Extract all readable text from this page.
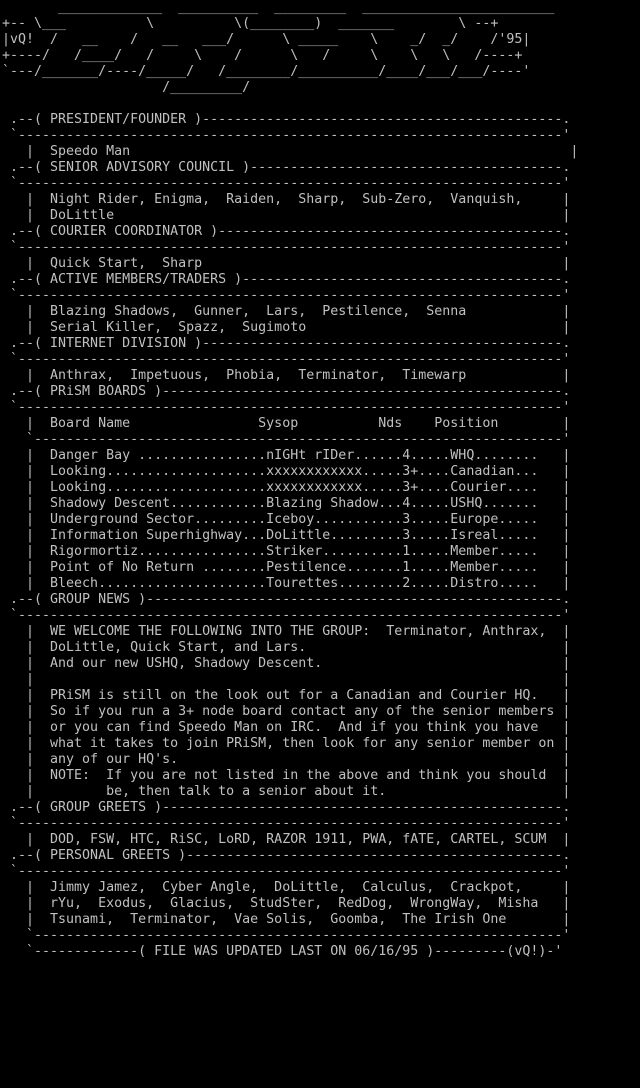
_____________  __________  _________  ________________________
+-- \___          \          \(________)  _______        \ --+
|vQ!  /   __    /   __   ___/      \ _____    \    _/  _/    /'95|
+----/   /____/   /     \    /      \   /     \    \   \   /----+
`---/_______/----/_____/   /________/__________/____/___/___/----'
/_________/

.--( PRESIDENT/FOUNDER )---------------------------------------------.
`--------------------------------------------------------------------'
|  Speedo Man                                                       |
.--( SENIOR ADVISORY COUNCIL )---------------------------------------.
`--------------------------------------------------------------------'
|  Night Rider, Enigma,  Raiden,  Sharp,  Sub-Zero,  Vanquish,     |
|  DoLittle                                                        |
.--( COURIER COORDINATOR )-------------------------------------------.
`--------------------------------------------------------------------'
|  Quick Start,  Sharp                                             |
.--( ACTIVE MEMBERS/TRADERS )----------------------------------------.
`--------------------------------------------------------------------'
|  Blazing Shadows,  Gunner,  Lars,  Pestilence,  Senna            |
|  Serial Killer,  Spazz,  Sugimoto                                |
.--( INTERNET DIVISION )---------------------------------------------.
`--------------------------------------------------------------------'
|  Anthrax,  Impetuous,  Phobia,  Terminator,  Timewarp            |
.--( PRiSM BOARDS )--------------------------------------------------.
`--------------------------------------------------------------------'
|  Board Name                Sysop          Nds    Position        |
`------------------------------------------------------------------'
|  Danger Bay ................nIGHt rIDer......4.....WHQ........   |
|  Looking....................xxxxxxxxxxxx.....3+....Canadian...   |
|  Looking....................xxxxxxxxxxxx.....3+....Courier....   |
|  Shadowy Descent............Blazing Shadow...4.....USHQ.......   |
|  Underground Sector.........Iceboy...........3.....Europe.....   |
|  Information Superhighway...DoLittle.........3.....Isreal.....   |
|  Rigormortiz................Striker..........1.....Member.....   |
|  Point of No Return ........Pestilence.......1.....Member.....   |
|  Bleech.....................Tourettes........2.....Distro.....   |
.--( GROUP NEWS )----------------------------------------------------.
`--------------------------------------------------------------------'
|  WE WELCOME THE FOLLOWING INTO THE GROUP:  Terminator, Anthrax,  |
|  DoLittle, Quick Start, and Lars.                                |
|  And our new USHQ, Shadowy Descent.                              |
|                                                                  |
|  PRiSM is still on the look out for a Canadian and Courier HQ.   |
|  So if you run a 3+ node board contact any of the senior members |
|  or you can find Speedo Man on IRC.  And if you think you have   |
|  what it takes to join PRiSM, then look for any senior member on |
|  any of our HQ's.                                                |
|  NOTE:  If you are not listed in the above and think you should  |
|         be, then talk to a senior about it.                      |
.--( GROUP GREETS )--------------------------------------------------.
`--------------------------------------------------------------------'
|  DOD, FSW, HTC, RiSC, LoRD, RAZOR 1911, PWA, fATE, CARTEL, SCUM  |
.--( PERSONAL GREETS )-----------------------------------------------.
`--------------------------------------------------------------------'
|  Jimmy Jamez,  Cyber Angle,  DoLittle,  Calculus,  Crackpot,     |
|  rYu,  Exodus,  Glacius,  StudSter,  RedDog,  WrongWay,  Misha   |
|  Tsunami,  Terminator,  Vae Solis,  Goomba,  The Irish One       |
`------------------------------------------------------------------'
`-------------( FILE WAS UPDATED LAST ON 06/16/95 )---------(vQ!)-'
